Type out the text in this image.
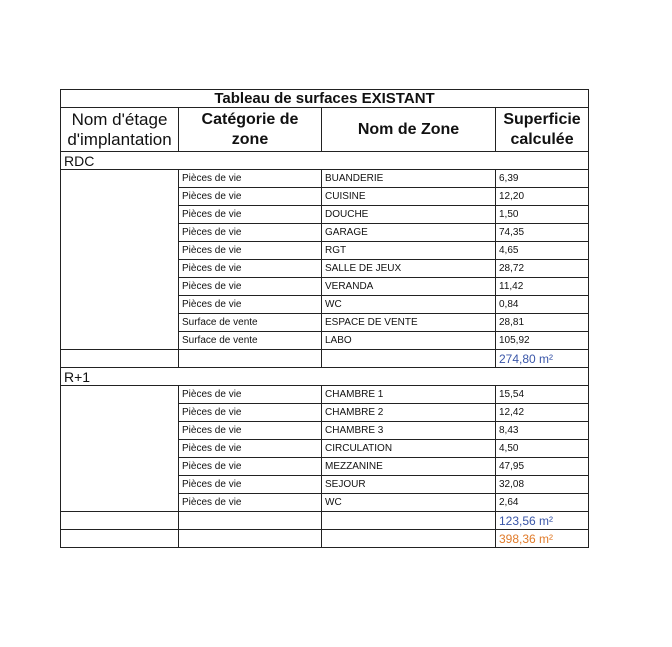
Tableau de surfaces EXISTANT			
Nom d'étage d'implantation	Catégorie de zone	Nom de Zone	Superficie calculée
RDC			
	Pièces de vie	BUANDERIE	6,39
	Pièces de vie	CUISINE	12,20
	Pièces de vie	DOUCHE	1,50
	Pièces de vie	GARAGE	74,35
	Pièces de vie	RGT	4,65
	Pièces de vie	SALLE DE JEUX	28,72
	Pièces de vie	VERANDA	11,42
	Pièces de vie	WC	0,84
	Surface de vente	ESPACE DE VENTE	28,81
	Surface de vente	LABO	105,92
			274,80 m²
R+1			
	Pièces de vie	CHAMBRE 1	15,54
	Pièces de vie	CHAMBRE 2	12,42
	Pièces de vie	CHAMBRE 3	8,43
	Pièces de vie	CIRCULATION	4,50
	Pièces de vie	MEZZANINE	47,95
	Pièces de vie	SEJOUR	32,08
	Pièces de vie	WC	2,64
			123,56 m²
			398,36 m²
